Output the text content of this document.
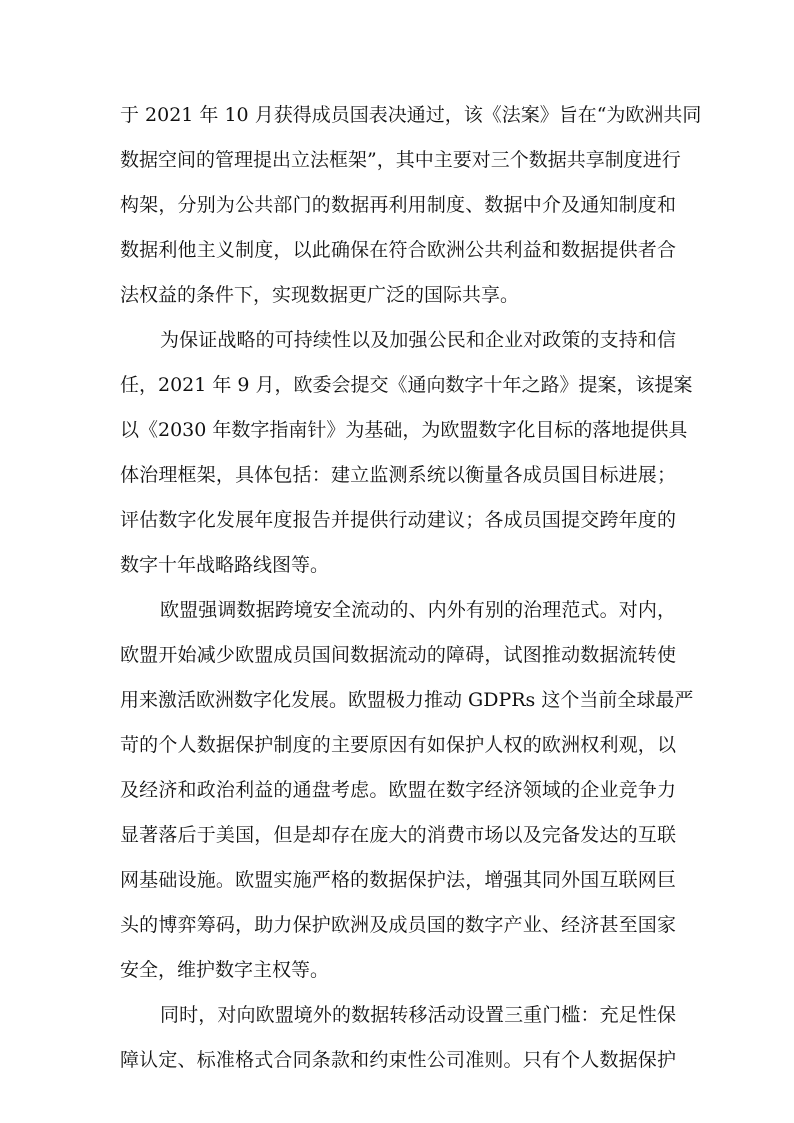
于 2021 年 10 月获得成员国表决通过，该《法案》旨在“为欧洲共同
数据空间的管理提出立法框架”，其中主要对三个数据共享制度进行
构架，分别为公共部门的数据再利用制度、数据中介及通知制度和
数据利他主义制度，以此确保在符合欧洲公共利益和数据提供者合
法权益的条件下，实现数据更广泛的国际共享。
为保证战略的可持续性以及加强公民和企业对政策的支持和信
任，2021 年 9 月，欧委会提交《通向数字十年之路》提案，该提案
以《2030 年数字指南针》为基础，为欧盟数字化目标的落地提供具
体治理框架，具体包括：建立监测系统以衡量各成员国目标进展；
评估数字化发展年度报告并提供行动建议；各成员国提交跨年度的
数字十年战略路线图等。
欧盟强调数据跨境安全流动的、内外有别的治理范式。对内，
欧盟开始减少欧盟成员国间数据流动的障碍，试图推动数据流转使
用来激活欧洲数字化发展。欧盟极力推动 GDPRs 这个当前全球最严
苛的个人数据保护制度的主要原因有如保护人权的欧洲权利观，以
及经济和政治利益的通盘考虑。欧盟在数字经济领域的企业竞争力
显著落后于美国，但是却存在庞大的消费市场以及完备发达的互联
网基础设施。欧盟实施严格的数据保护法，增强其同外国互联网巨
头的博弈筹码，助力保护欧洲及成员国的数字产业、经济甚至国家
安全，维护数字主权等。
同时，对向欧盟境外的数据转移活动设置三重门槛：充足性保
障认定、标准格式合同条款和约束性公司准则。只有个人数据保护
